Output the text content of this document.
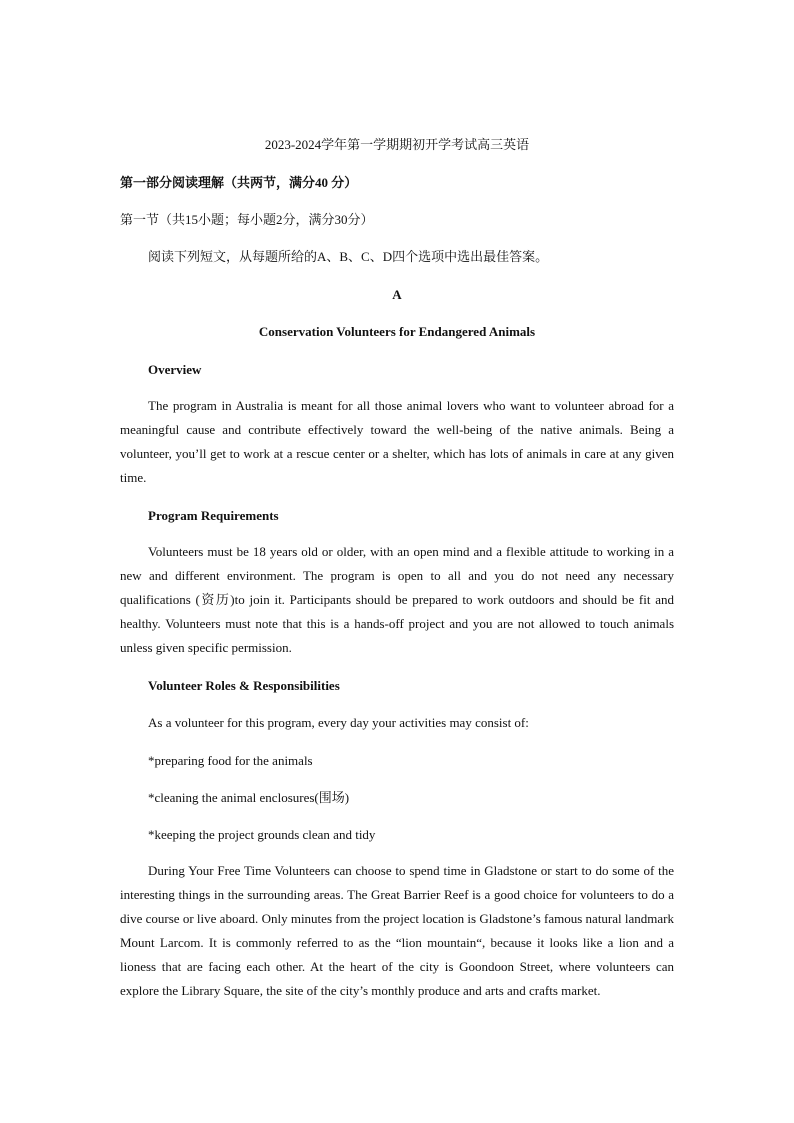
2023-2024学年第一学期期初开学考试高三英语
第一部分阅读理解（共两节，满分40 分）
第一节（共15小题；每小题2分，满分30分）
阅读下列短文，从每题所给的A、B、C、D四个选项中选出最佳答案。
A
Conservation Volunteers for Endangered Animals
Overview

The program in Australia is meant for all those animal lovers who want to volunteer abroad for a meaningful cause and contribute effectively toward the well-being of the native animals. Being a volunteer, you’ll get to work at a rescue center or a shelter, which has lots of animals in care at any given time.

Program Requirements

Volunteers must be 18 years old or older, with an open mind and a flexible attitude to working in a new and different environment. The program is open to all and you do not need any necessary qualifications (资历)to join it. Participants should be prepared to work outdoors and should be fit and healthy. Volunteers must note that this is a hands-off project and you are not allowed to touch animals unless given specific permission.

Volunteer Roles & Responsibilities
As a volunteer for this program, every day your activities may consist of:
*preparing food for the animals
*cleaning the animal enclosures(围场)
*keeping the project grounds clean and tidy

During Your Free Time Volunteers can choose to spend time in Gladstone or start to do some of the interesting things in the surrounding areas. The Great Barrier Reef is a good choice for volunteers to do a dive course or live aboard. Only minutes from the project location is Gladstone’s famous natural landmark Mount Larcom. It is commonly referred to as the “lion mountain“, because it looks like a lion and a lioness that are facing each other. At the heart of the city is Goondoon Street, where volunteers can explore the Library Square, the site of the city’s monthly produce and arts and crafts market.
